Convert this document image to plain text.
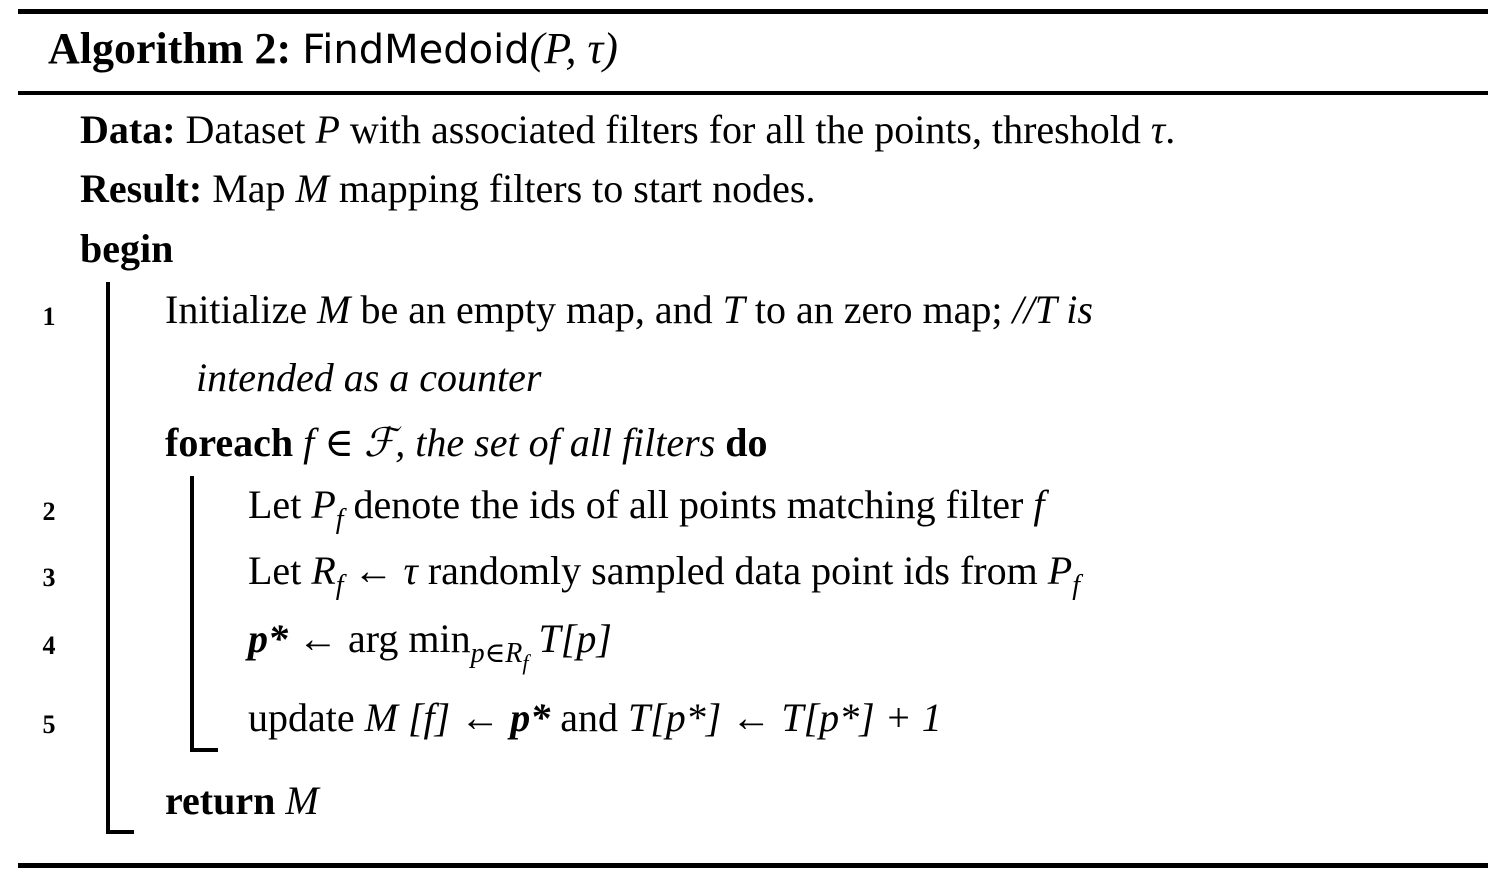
Algorithm 2: FindMedoid(P, τ)
Data: Dataset P with associated filters for all the points, threshold τ.
Result: Map M mapping filters to start nodes.
begin
1	Initialize M be an empty map, and T to an zero map; //T is
intended as a counter
foreach f ∈ ℱ, the set of all filters do
2	Let $P_f$ denote the ids of all points matching filter f
3	Let $R_f$ ← τ randomly sampled data point ids from $P_f$
4	p* ← arg $\min_{p\in R_f} T[p]$
5	update M [f] ← p* and T[p*] ← T[p*] + 1
return M
